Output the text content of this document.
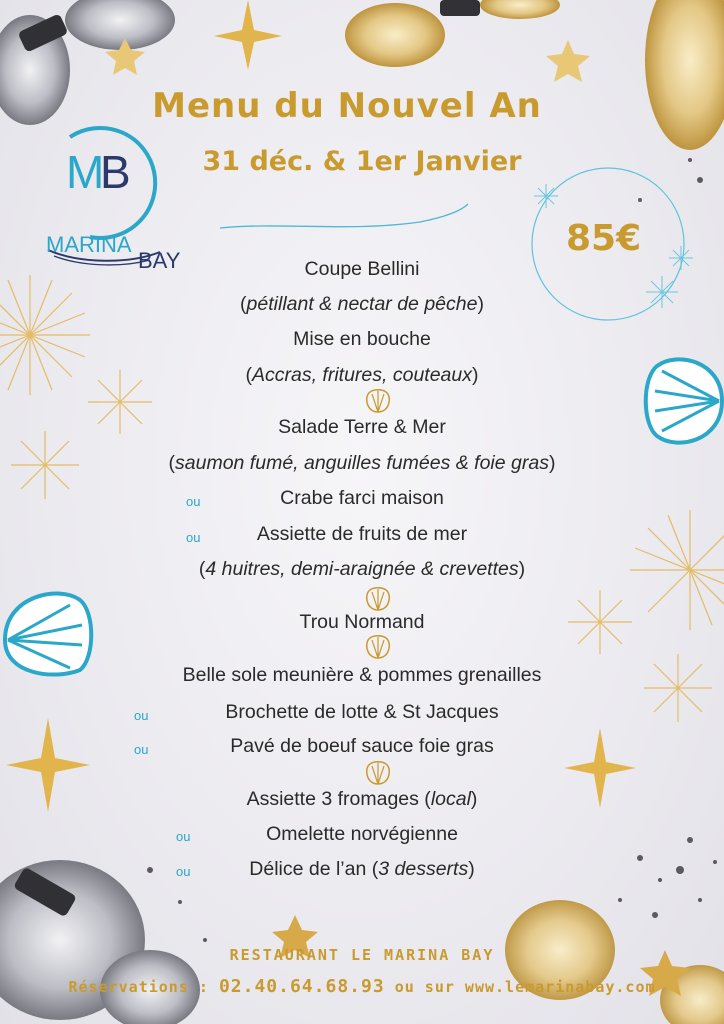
M
B
MARINA
BAY
Menu du Nouvel An
31 déc. & 1er Janvier
85€
Coupe Bellini
(pétillant & nectar de pêche)
Mise en bouche
(Accras, fritures, couteaux)
Salade Terre & Mer
(saumon fumé, anguilles fumées & foie gras)
ou	Crabe farci maison
ou	Assiette de fruits de mer
(4 huitres, demi-araignée & crevettes)
Trou Normand
Belle sole meunière & pommes grenailles
ou	Brochette de lotte & St Jacques
ou	Pavé de boeuf sauce foie gras
Assiette 3 fromages (local)
ou	Omelette norvégienne
ou	Délice de l’an (3 desserts)
RESTAURANT LE MARINA BAY
Réservations : 02.40.64.68.93 ou sur www.lemarinabay.com
